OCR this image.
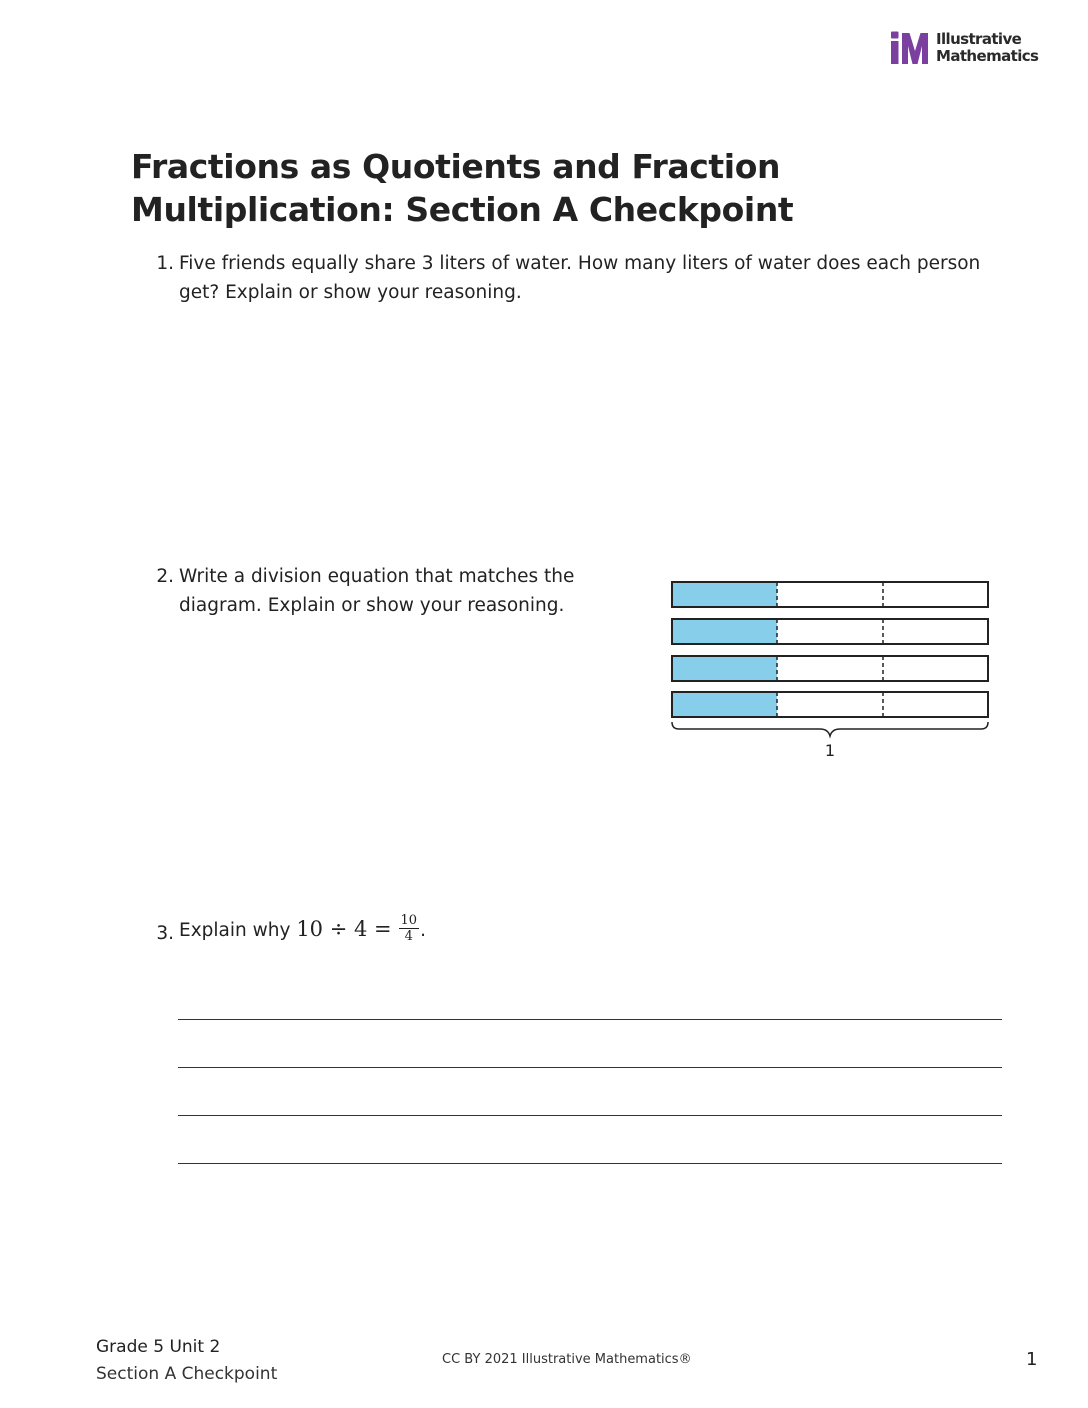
Illustrative
Mathematics
Fractions as Quotients and Fraction
Multiplication: Section A Checkpoint
1. Five friends equally share 3 liters of water. How many liters of water does each person get? Explain or show your reasoning.
2. Write a division equation that matches the diagram. Explain or show your reasoning.
1
3. Explain why $10 \div 4 = \frac{10}{4}$ .
Grade 5 Unit 2
Section A Checkpoint
CC BY 2021 Illustrative Mathematics®	1
